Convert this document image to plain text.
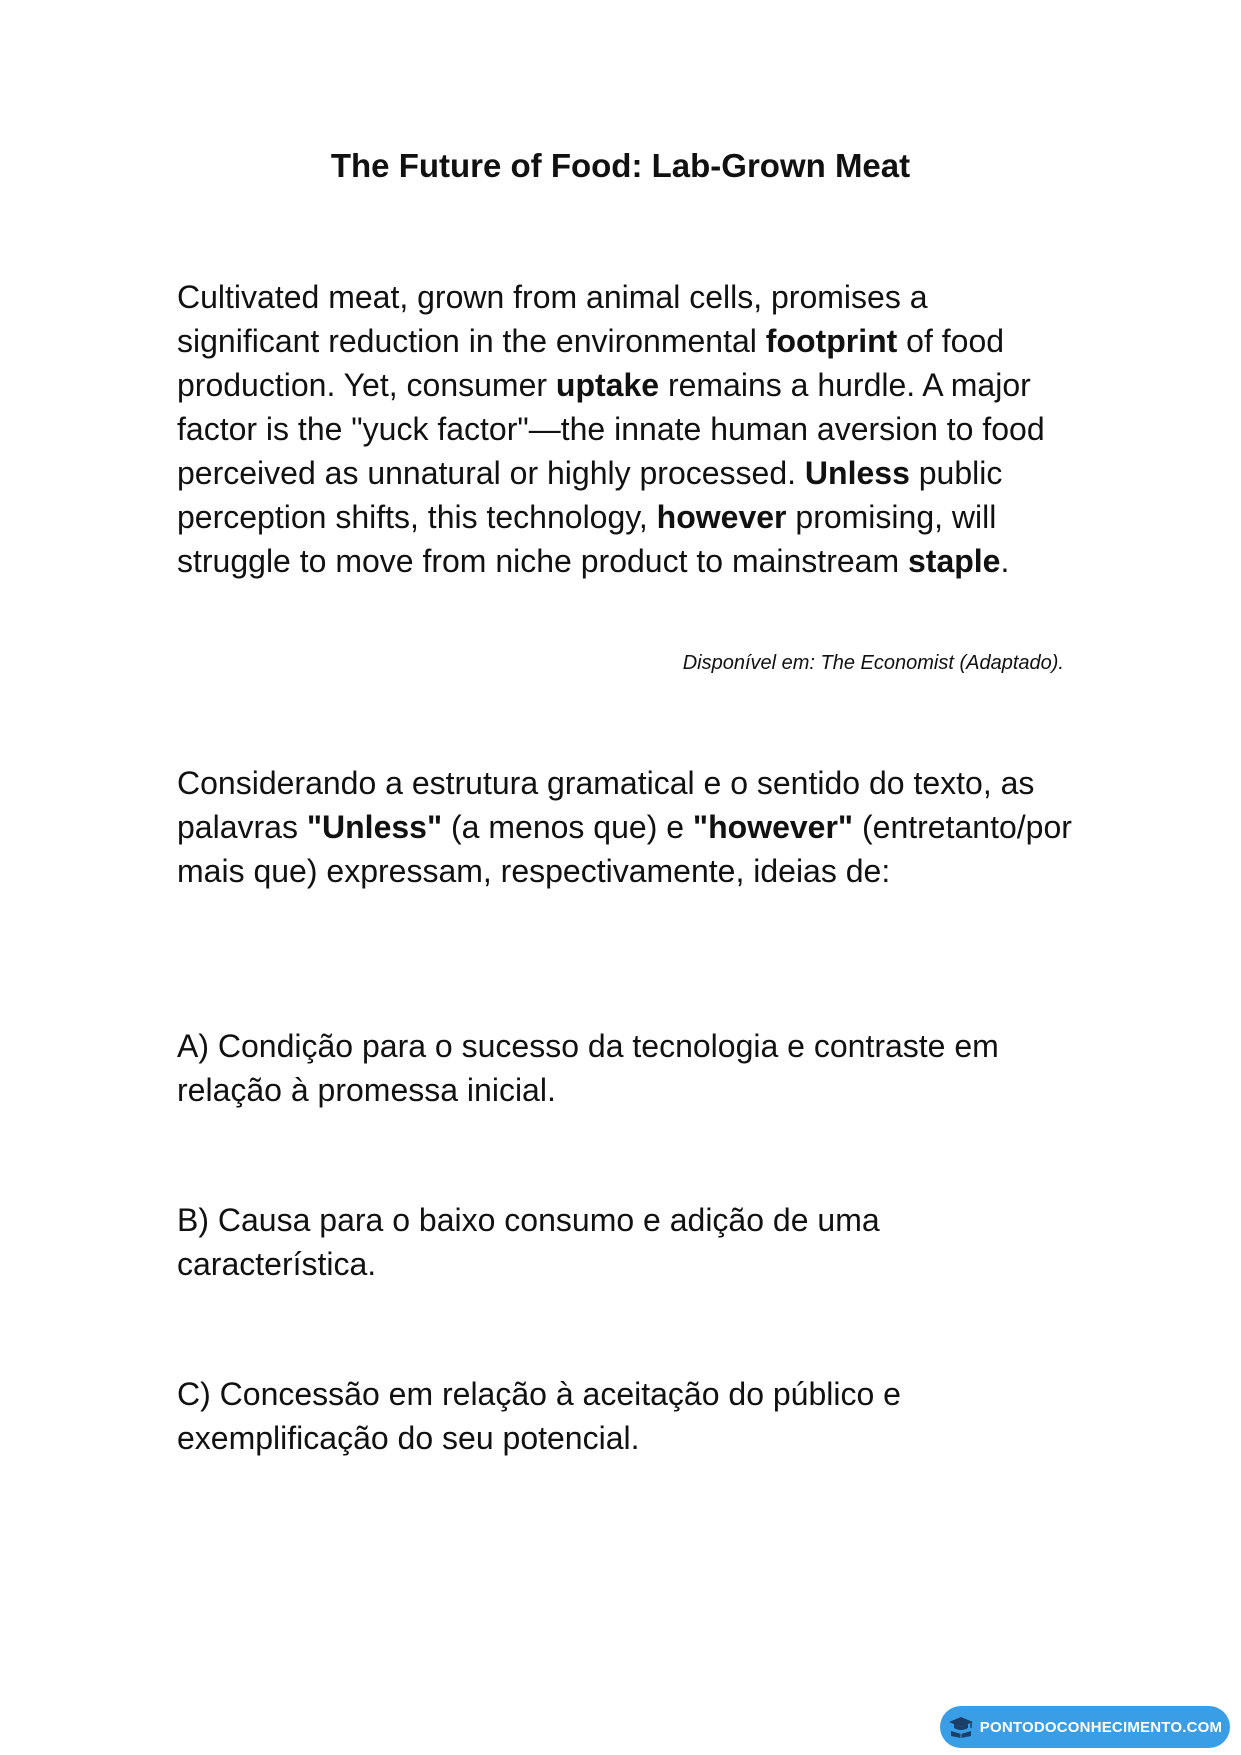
The Future of Food: Lab-Grown Meat
Cultivated meat, grown from animal cells, promises a significant reduction in the environmental footprint of food production. Yet, consumer uptake remains a hurdle. A major factor is the "yuck factor"—the innate human aversion to food perceived as unnatural or highly processed. Unless public perception shifts, this technology, however promising, will struggle to move from niche product to mainstream staple.
Disponível em: The Economist (Adaptado).
Considerando a estrutura gramatical e o sentido do texto, as palavras "Unless" (a menos que) e "however" (entretanto/por mais que) expressam, respectivamente, ideias de:
A) Condição para o sucesso da tecnologia e contraste em relação à promessa inicial.
B) Causa para o baixo consumo e adição de uma característica.
C) Concessão em relação à aceitação do público e exemplificação do seu potencial.
PONTODOCONHECIMENTO.COM
